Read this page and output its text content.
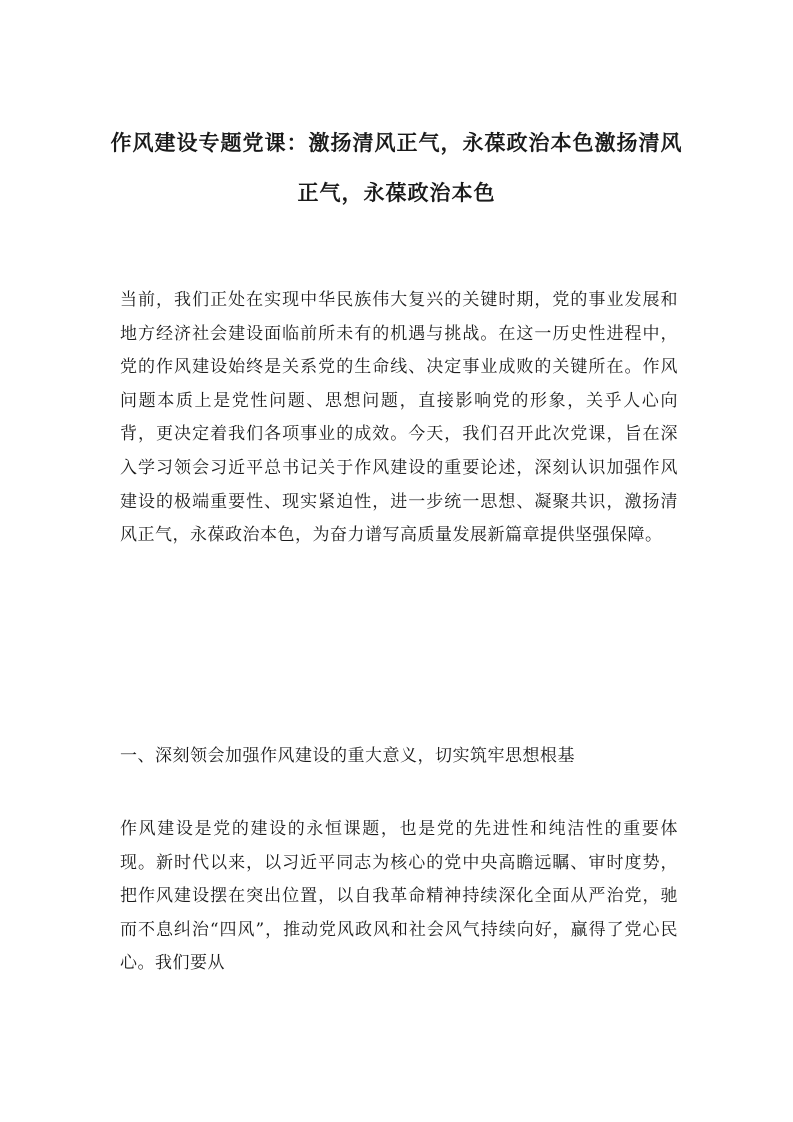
作风建设专题党课：激扬清风正气，永葆政治本色激扬清风正气，永葆政治本色

当前，我们正处在实现中华民族伟大复兴的关键时期，党的事业发展和地方经济社会建设面临前所未有的机遇与挑战。在这一历史性进程中，党的作风建设始终是关系党的生命线、决定事业成败的关键所在。作风问题本质上是党性问题、思想问题，直接影响党的形象，关乎人心向背，更决定着我们各项事业的成效。今天，我们召开此次党课，旨在深入学习领会习近平总书记关于作风建设的重要论述，深刻认识加强作风建设的极端重要性、现实紧迫性，进一步统一思想、凝聚共识，激扬清风正气，永葆政治本色，为奋力谱写高质量发展新篇章提供坚强保障。

一、深刻领会加强作风建设的重大意义，切实筑牢思想根基

作风建设是党的建设的永恒课题，也是党的先进性和纯洁性的重要体现。新时代以来，以习近平同志为核心的党中央高瞻远瞩、审时度势，把作风建设摆在突出位置，以自我革命精神持续深化全面从严治党，驰而不息纠治“四风”，推动党风政风和社会风气持续向好，赢得了党心民心。我们要从
